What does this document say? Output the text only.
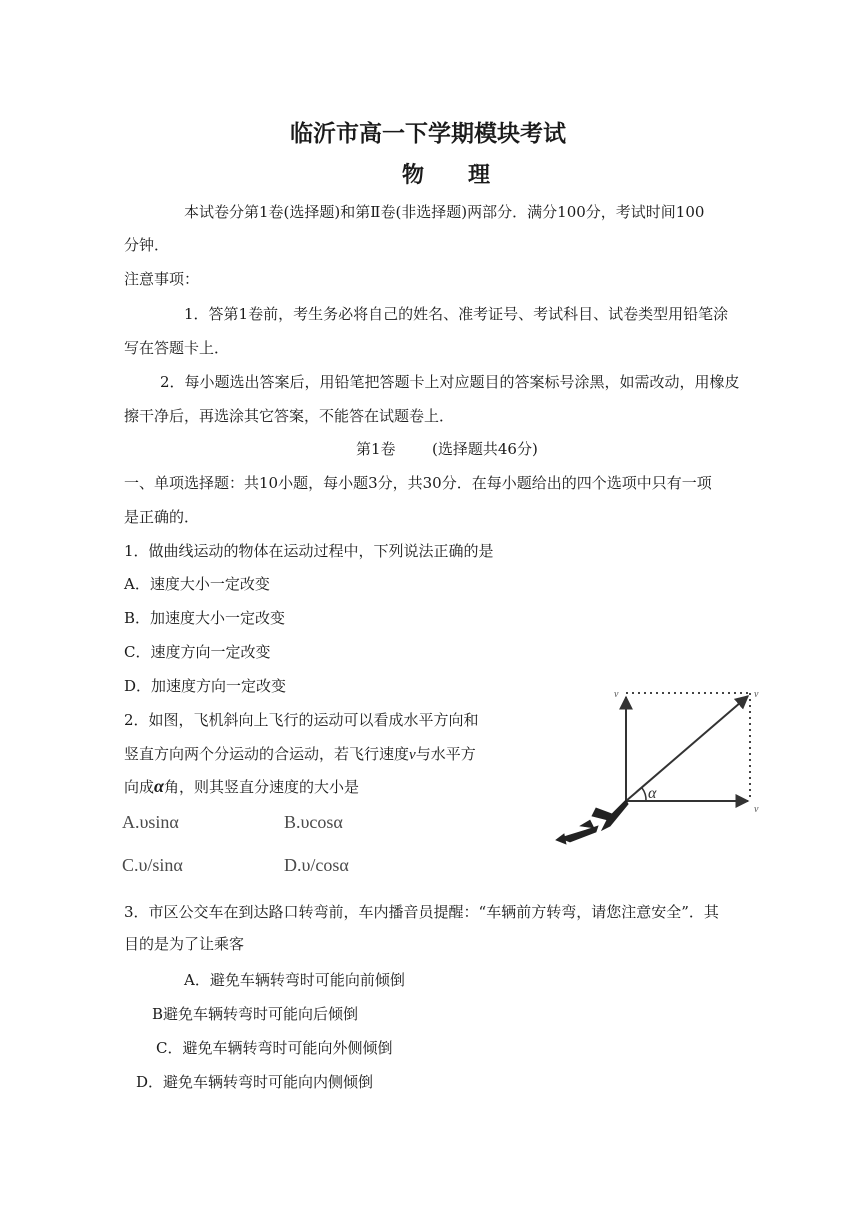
临沂市高一下学期模块考试
物理
本试卷分第1卷(选择题)和第Ⅱ卷(非选择题)两部分．满分100分，考试时间100
分钟．
注意事项：
1．答第1卷前，考生务必将自己的姓名、准考证号、考试科目、试卷类型用铅笔涂
写在答题卡上．
2．每小题选出答案后，用铅笔把答题卡上对应题目的答案标号涂黑，如需改动，用橡皮
擦干净后，再选涂其它答案，不能答在试题卷上．
第1卷 (选择题共46分)
一、单项选择题：共10小题，每小题3分，共30分．在每小题给出的四个选项中只有一项
是正确的．
1．做曲线运动的物体在运动过程中，下列说法正确的是
A．速度大小一定改变
B．加速度大小一定改变
C．速度方向一定改变
D．加速度方向一定改变
2．如图，飞机斜向上飞行的运动可以看成水平方向和
竖直方向两个分运动的合运动，若飞行速度v与水平方
向成α角，则其竖直分速度的大小是
A.υsinα	B.υcosα
C.υ/sinα	D.υ/cosα
v	v
v
α
3．市区公交车在到达路口转弯前，车内播音员提醒：“车辆前方转弯，请您注意安全”．其
目的是为了让乘客
A．避免车辆转弯时可能向前倾倒
B避免车辆转弯时可能向后倾倒
C．避免车辆转弯时可能向外侧倾倒
D．避免车辆转弯时可能向内侧倾倒
